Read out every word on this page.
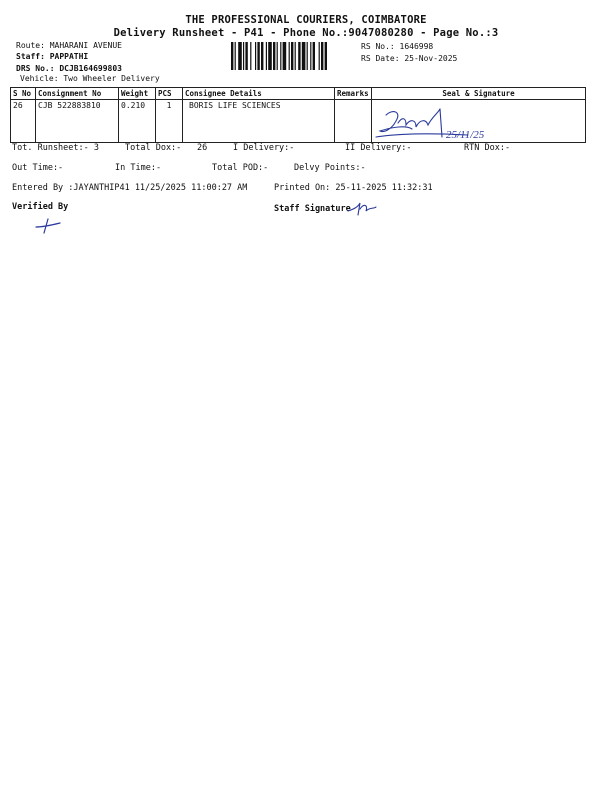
THE PROFESSIONAL COURIERS, COIMBATORE
Delivery Runsheet - P41 - Phone No.:9047080280 - Page No.:3
Route: MAHARANI AVENUE
Staff: PAPPATHI
DRS No.: DCJB164699803
Vehicle: Two Wheeler Delivery
RS No.: 1646998
RS Date: 25-Nov-2025
S No	Consignment No	Weight	PCS	Consignee Details	Remarks	Seal & Signature
26	CJB 522883810	0.210	1	BORIS LIFE SCIENCES		
25/11/25
Tot. Runsheet:- 3	Total Dox:- 26	I Delivery:-	II Delivery:-	RTN Dox:-
Out Time:-	In Time:-	Total POD:-	Delvy Points:-
Entered By :JAYANTHIP41 11/25/2025 11:00:27 AM	Printed On: 25-11-2025 11:32:31
Verified By	Staff Signature
